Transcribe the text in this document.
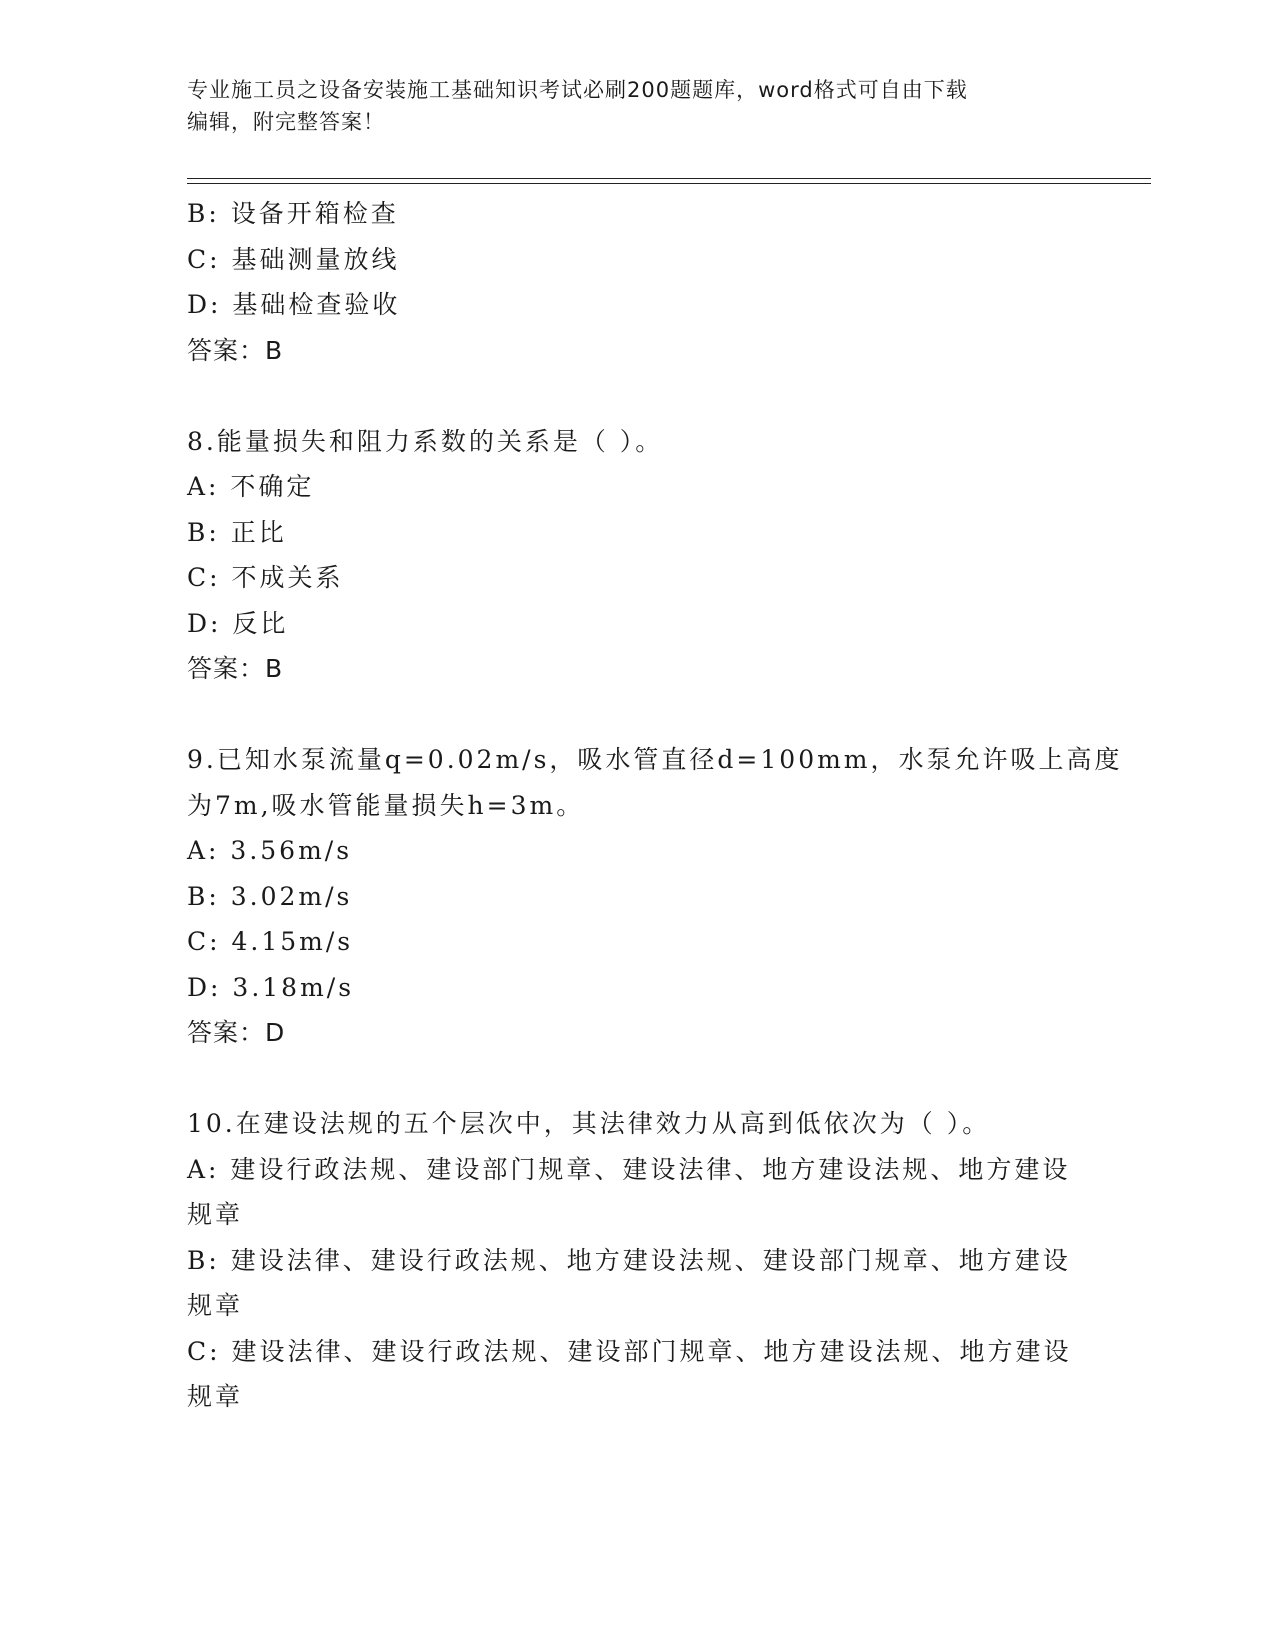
专业施工员之设备安装施工基础知识考试必刷200题题库，word格式可自由下载
编辑，附完整答案！
B: 设备开箱检查
C: 基础测量放线
D: 基础检查验收
答案：B
8.能量损失和阻力系数的关系是（ ）。
A: 不确定
B: 正比
C: 不成关系
D: 反比
答案：B
9.已知水泵流量q=0.02m/s，吸水管直径d=100mm，水泵允许吸上高度
为7m,吸水管能量损失h=3m。
A: 3.56m/s
B: 3.02m/s
C: 4.15m/s
D: 3.18m/s
答案：D
10.在建设法规的五个层次中，其法律效力从高到低依次为（ ）。
A: 建设行政法规、建设部门规章、建设法律、地方建设法规、地方建设规章
B: 建设法律、建设行政法规、地方建设法规、建设部门规章、地方建设规章
C: 建设法律、建设行政法规、建设部门规章、地方建设法规、地方建设规章
